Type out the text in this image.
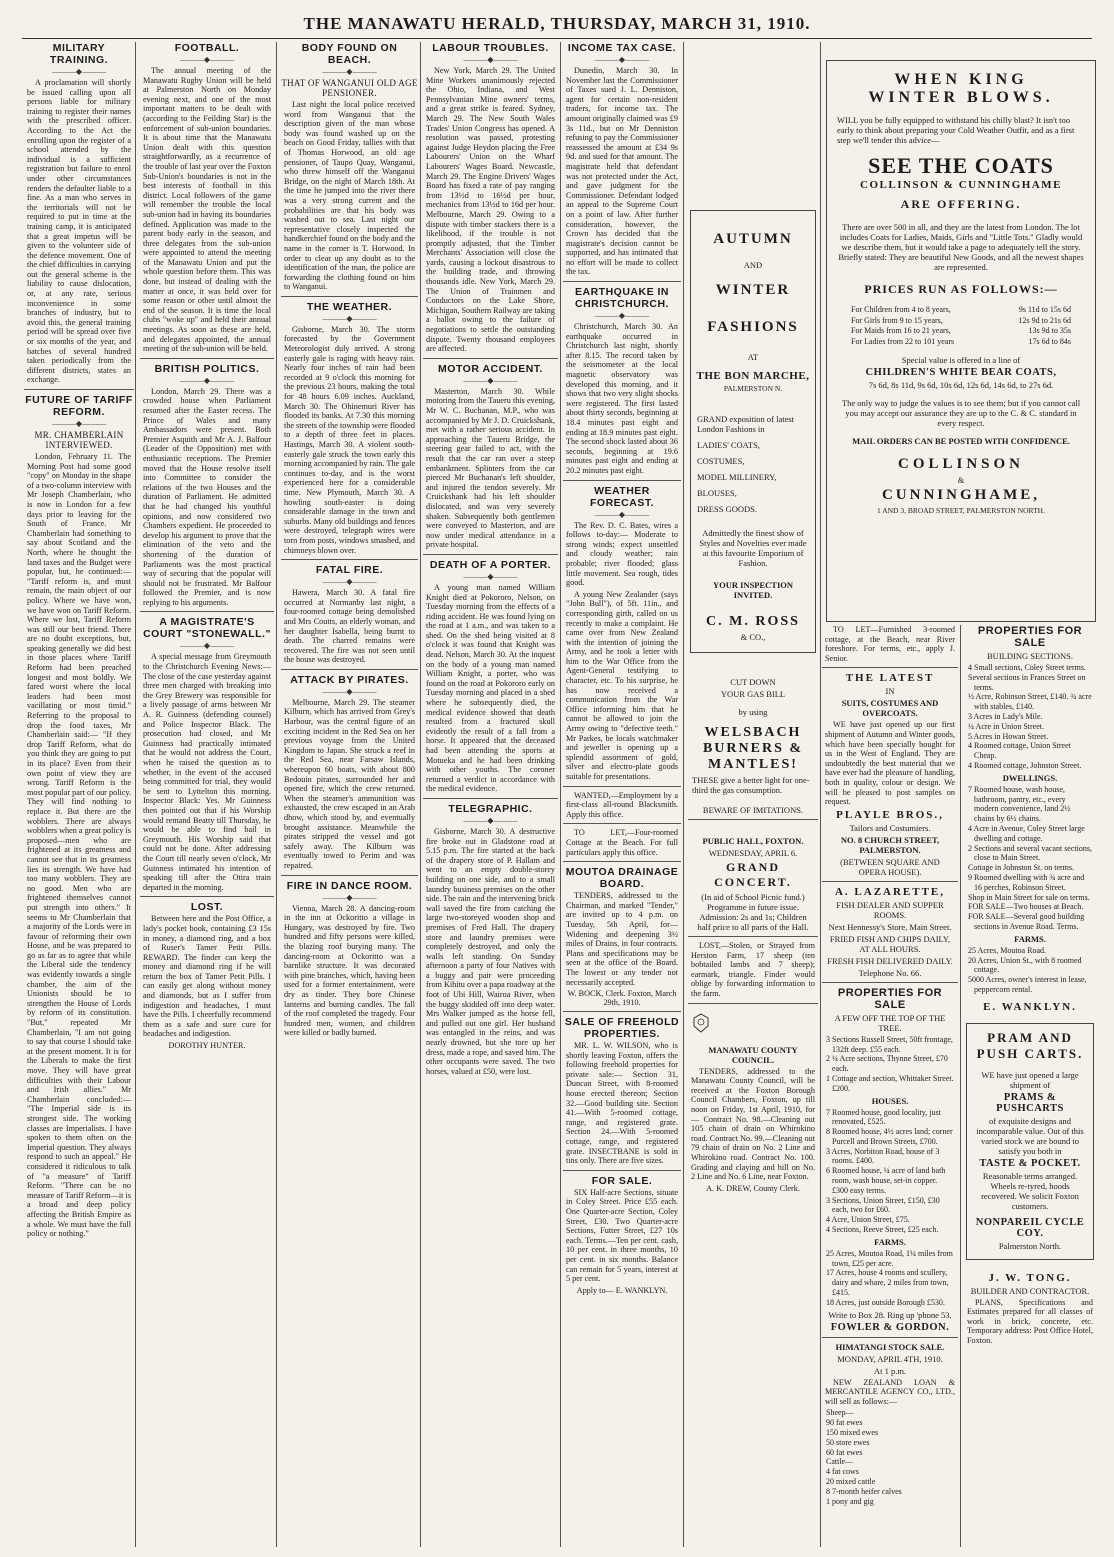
THE MANAWATU HERALD, THURSDAY, MARCH 31, 1910.
MILITARY TRAINING.
———◆———
A proclamation will shortly be issued calling upon all persons liable for military training to register their names with the prescribed officer. According to the Act the enrolling upon the register of a school attended by the individual is a sufficient registration but failure to enrol under other circumstances renders the defaulter liable to a fine. As a man who serves in the territorials will not be required to put in time at the training camp, it is anticipated that a great impetus will be given to the volunteer side of the defence movement. One of the chief difficulties in carrying out the general scheme is the liability to cause dislocation, or, at any rate, serious inconvenience in some branches of industry, but to avoid this, the general training period will be spread over five or six months of the year, and batches of several hundred taken periodically from the different districts, states an exchange.
FUTURE OF TARIFF REFORM.
———◆———
MR. CHAMBERLAIN INTERVIEWED.
London, February 11. The Morning Post had some good "copy" on Monday in the shape of a two-column interview with Mr Joseph Chamberlain, who is now in London for a few days prior to leaving for the South of France. Mr Chamberlain had something to say about Scotland and the North, where he thought the land taxes and the Budget were popular, but, he continued:— "Tariff reform is, and must remain, the main object of our policy. Where we have won, we have won on Tariff Reform. Where we lost, Tariff Reform was still our best friend. There are no doubt exceptions, but, speaking generally we did best in those places where Tariff Reform had been preached longest and most boldly. We fared worst where the local leaders had been most vacillating or most timid." Referring to the proposal to drop the food taxes, Mr Chamberlain said:— "If they drop Tariff Reform, what do you think they are going to put in its place? Even from their own point of view they are wrong. Tariff Reform is the most popular part of our policy. They will find nothing to replace it. But there are the wobblers. There are always wobblers when a great policy is proposed—men who are frightened at its greatness and cannot see that in its greatness lies its strength. We have had too many wobblers. They are no good. Men who are frightened themselves cannot put strength into others." It seems to Mr Chamberlain that a majority of the Lords were in favour of reforming their own House, and he was prepared to go as far as to agree that while the Liberal side the tendency was evidently towards a single chamber, the aim of the Unionists should be to strengthen the House of Lords by reform of its constitution. "But," repeated Mr Chamberlain, "I am not going to say that course I should take at the present moment. It is for the Liberals to make the first move. They will have great difficulties with their Labour and Irish allies." Mr Chamberlain concluded:— "The Imperial side is its strongest side. The working classes are Imperialists. I have spoken to them often on the Imperial question. They always respond to such an appeal." He considered it ridiculous to talk of "a measure" of Tariff Reform. "There can be no measure of Tariff Reform—it is a broad and deep policy affecting the British Empire as a whole. We must have the full policy or nothing."
FOOTBALL.
———◆———
The annual meeting of the Manawatu Rugby Union will be held at Palmerston North on Monday evening next, and one of the most important matters to be dealt with (according to the Feilding Star) is the enforcement of sub-union boundaries. It is about time that the Manawatu Union dealt with this question straightforwardly, as a recurrence of the trouble of last year over the Foxton Sub-Union's boundaries is not in the best interests of football in this district. Local followers of the game will remember the trouble the local sub-union had in having its boundaries defined. Application was made to the parent body early in the season, and three delegates from the sub-union were appointed to attend the meeting of the Manawatu Union and put the whole question before them. This was done, but instead of dealing with the matter at once, it was held over for some reason or other until almost the end of the season. It is time the local clubs "woke up" and held their annual meetings. As soon as these are held, and delegates appointed, the annual meeting of the sub-union will be held.
BRITISH POLITICS.
———◆———
London, March 29. There was a crowded house when Parliament resumed after the Easter recess. The Prince of Wales and many Ambassadors were present. Both Premier Asquith and Mr A. J. Balfour (Leader of the Opposition) met with enthusiastic receptions. The Premier moved that the House resolve itself into Committee to consider the relations of the two Houses and the duration of Parliament. He admitted that he had changed his youthful opinions, and now considered two Chambers expedient. He proceeded to develop his argument to prove that the elimination of the veto and the shortening of the duration of Parliaments was the most practical way of securing that the popular will should not be frustrated. Mr Balfour followed the Premier, and is now replying to his arguments.
A MAGISTRATE'S COURT "STONEWALL."
———◆———
A special message from Greymouth to the Christchurch Evening News:— The close of the case yesterday against three men charged with breaking into the Grey Brewery was responsible for a lively passage of arms between Mr A. R. Guinness (defending counsel) and Police Inspector Black. The prosecution had closed, and Mr Guinness had practically intimated that he would not address the Court, when he raised the question as to whether, in the event of the accused being committed for trial, they would be sent to Lyttelton this morning. Inspector Black: Yes. Mr Guinness then pointed out that if his Worship would remand Beatty till Thursday, he would be able to find bail in Greymouth. His Worship said that could not be done. After addressing the Court till nearly seven o'clock, Mr Guinness intimated his intention of speaking till after the Otira train departed in the morning.
LOST.
Between here and the Post Office, a lady's pocket book, containing £3 15s in money, a diamond ring, and a box of Ruser's Tamer Petit Pills. REWARD. The finder can keep the money and diamond ring if he will return the box of Tamer Petit Pills. I can easily get along without money and diamonds, but as I suffer from indigestion and headaches, I must have the Pills. I cheerfully recommend them as a safe and sure cure for headaches and indigestion.
DOROTHY HUNTER.
BODY FOUND ON BEACH.
———◆———
THAT OF WANGANUI OLD AGE PENSIONER.
Last night the local police received word from Wanganui that the description given of the man whose body was found washed up on the beach on Good Friday, tallies with that of Thomas Horwood, an old age pensioner, of Taupo Quay, Wanganui, who threw himself off the Wanganui Bridge, on the night of March 18th. At the time he jumped into the river there was a very strong current and the probabilities are that his body was washed out to sea. Last night our representative closely inspected the handkerchief found on the body and the name in the corner is T. Horwood. In order to clear up any doubt as to the identification of the man, the police are forwarding the clothing found on him to Wanganui.
THE WEATHER.
———◆———
Gisborne, March 30. The storm forecasted by the Government Meteorologist duly arrived. A strong easterly gale is raging with heavy rain. Nearly four inches of rain had been recorded at 9 o'clock this morning for the previous 23 hours, making the total for 48 hours 6.09 inches. Auckland, March 30. The Ohinemuri River has flooded its banks. At 7.30 this morning the streets of the township were flooded to a depth of three feet in places. Hastings, March 30. A violent south-easterly gale struck the town early this morning accompanied by rain. The gale continues to-day, and is the worst experienced here for a considerable time. New Plymouth, March 30. A howling south-easter is doing considerable damage in the town and suburbs. Many old buildings and fences were destroyed, telegraph wires were torn from posts, windows smashed, and chimneys blown over.
FATAL FIRE.
———◆———
Hawera, March 30. A fatal fire occurred at Normanby last night, a four-roomed cottage being demolished and Mrs Coutts, an elderly woman, and her daughter Isabella, being burnt to death. The charred remains were recovered. The fire was not seen until the house was destroyed.
ATTACK BY PIRATES.
———◆———
Melbourne, March 29. The steamer Kilburn, which has arrived from Grey's Harbour, was the central figure of an exciting incident in the Red Sea on her previous voyage from the United Kingdom to Japan. She struck a reef in the Red Sea, near Farsaw Islands, whereupon 60 boats, with about 800 Bedouin pirates, surrounded her and opened fire, which the crew returned. When the steamer's ammunition was exhausted, the crew escaped in an Arab dhow, which stood by, and eventually brought assistance. Meanwhile the pirates stripped the vessel and got safely away. The Kilburn was eventually towed to Perim and was repaired.
FIRE IN DANCE ROOM.
———◆———
Vienna, March 28. A dancing-room in the inn at Ockoritto a village in Hungary, was destroyed by fire. Two hundred and fifty persons were killed, the blazing roof burying many. The dancing-room at Ockoritto was a barnlike structure. It was decorated with pine branches, which, having been used for a former entertainment, were dry as tinder. They bore Chinese lanterns and burning candles. The fall of the roof completed the tragedy. Four hundred men, women, and children were killed or badly burned.
LABOUR TROUBLES.
———◆———
New York, March 29. The United Mine Workers unanimously rejected the Ohio, Indiana, and West Pennsylvanian Mine owners' terms, and a great strike is feared. Sydney, March 29. The New South Wales Trades' Union Congress has opened. A resolution was passed, protesting against Judge Heydon placing the Free Labourers' Union on the Wharf Labourers' Wages Board. Newcastle, March 29. The Engine Drivers' Wages Board has fixed a rate of pay ranging from 13½d to 16½d per hour, mechanics from 13½d to 16d per hour. Melbourne, March 29. Owing to a dispute with timber stackers there is a likelihood, if the trouble is not promptly adjusted, that the Timber Merchants' Association will close the yards, causing a lockout disastrous to the building trade, and throwing thousands idle. New York, March 29. The Union of Trainmen and Conductors on the Lake Shore, Michigan, Southern Railway are taking a ballot owing to the failure of negotiations to settle the outstanding dispute. Twenty thousand employees are affected.
MOTOR ACCIDENT.
———◆———
Masterton, March 30. While motoring from the Taueru this evening, Mr W. C. Buchanan, M.P., who was accompanied by Mr J. D. Cruickshank, met with a rather serious accident. In approaching the Taueru Bridge, the steering gear failed to act, with the result that the car ran over a steep embankment. Splinters from the car pierced Mr Buchanan's left shoulder, and injured the tendon severely. Mr Cruickshank had his left shoulder dislocated, and was very severely shaken. Subsequently both gentlemen were conveyed to Masterton, and are now under medical attendance in a private hospital.
DEATH OF A PORTER.
———◆———
A young man named William Knight died at Pokororo, Nelson, on Tuesday morning from the effects of a riding accident. He was found lying on the road at 1 a.m., and was taken to a shed. On the shed being visited at 8 o'clock it was found that Knight was dead. Nelson, March 30. At the inquest on the body of a young man named William Knight, a porter, who was found on the road at Pokororo early on Tuesday morning and placed in a shed where he subsequently died, the medical evidence showed that death resulted from a fractured skull evidently the result of a fall from a horse. It appeared that the deceased had been attending the sports at Motueka and he had been drinking with other youths. The coroner returned a verdict in accordance with the medical evidence.
TELEGRAPHIC.
———◆———
Gisborne, March 30. A destructive fire broke out in Gladstone road at 5.15 p.m. The fire started at the back of the drapery store of P. Hallam and went to an empty double-storey building on one side, and to a small laundry business premises on the other side. The rain and the intervening brick wall saved the fire from catching the large two-storeyed wooden shop and premises of Fred Hall. The drapery store and laundry premises were completely destroyed, and only the walls left standing. On Sunday afternoon a party of four Natives with a buggy and pair were proceeding from Kihitu over a papa roadway at the foot of Ubi Hill, Wairoa River, when the buggy skidded off into deep water. Mrs Walker jumped as the horse fell, and pulled out one girl. Her husband was entangled in the reins, and was nearly drowned, but she tore up her dress, made a rope, and saved him. The other occupants were saved. The two horses, valued at £50, were lost.
INCOME TAX CASE.
———◆———
Dunedin, March 30. In November last the Commissioner of Taxes sued J. L. Denniston, agent for certain non-resident traders, for income tax. The amount originally claimed was £9 3s 11d., but on Mr Denniston refusing to pay the Commissioner reassessed the amount at £34 9s 9d. and sued for that amount. The magistrate held that defendant was not protected under the Act, and gave judgment for the Commissioner. Defendant lodged an appeal to the Supreme Court on a point of law. After further consideration, however, the Crown has decided that the magistrate's decision cannot be supported, and has intimated that no effort will be made to collect the tax.
EARTHQUAKE IN CHRISTCHURCH.
———◆———
Christchurch, March 30. An earthquake occurred in Christchurch last night, shortly after 8.15. The record taken by the seismometer at the local magnetic observatory was developed this morning, and it shows that two very slight shocks were registered. The first lasted about thirty seconds, beginning at 18.4 minutes past eight and ending at 18.9 minutes past eight. The second shock lasted about 36 seconds, beginning at 19.6 minutes past eight and ending at 20.2 minutes past eight.
WEATHER FORECAST.
———◆———
The Rev. D. C. Bates, wires a follows to-day:— Moderate to strong winds; expect unsettled and cloudy weather; rain probable; river flooded; glass little movement. Sea rough, tides good.
A young New Zealander (says "John Bull"), of 5ft. 11in., and corresponding girth, called on us recently to make a complaint. He came over from New Zealand with the intention of joining the Army, and he took a letter with him to the War Office from the Agent-General testifying to character, etc. To his surprise, he has now received a communication from the War Office informing him that he cannot be allowed to join the Army owing to "defective teeth." Mr Parkes, be locals watchmaker and jeweller is opening up a splendid assortment of gold, silver and electro-plate goods suitable for presentations.
WANTED,—Employment by a first-class all-round Blacksmith. Apply this office.
TO LET,—Four-roomed Cottage at the Beach. For full particulars apply this office.
MOUTOA DRAINAGE BOARD.
TENDERS, addressed to the Chairman, and marked "Tender," are invited up to 4 p.m. on Tuesday, 5th April, for— Widening and deepening 3½ miles of Drains, in four contracts. Plans and specifications may be seen at the office of the Board. The lowest or any tender not necessarily accepted.
W. BOCK, Clerk. Foxton, March 29th, 1910.
SALE OF FREEHOLD PROPERTIES.
MR. L. W. WILSON, who is shortly leaving Foxton, offers the following freehold properties for private sale:— Section 31, Duncan Street, with 8-roomed house erected thereon; Section 32.—Good building site. Section 41.—With 5-roomed cottage, range, and registered grate. Section 24.—With 5-roomed cottage, range, and registered grate. INSECTBANE is sold in tins only. There are five sizes.
FOR SALE.
SIX Half-acre Sections, situate in Coley Street. Price £55 each. One Quarter-acre Section, Coley Street, £30. Two Quarter-acre Sections, Futter Street, £27 10s each. Terms.—Ten per cent. cash, 10 per cent. in three months, 10 per cent. in six months. Balance can remain for 5 years, interest at 5 per cent.
Apply to— E. WANKLYN.
AUTUMN
AND
WINTER
FASHIONS
AT
THE BON MARCHE,
PALMERSTON N.
GRAND exposition of latest London Fashions in
LADIES' COATS,
COSTUMES,
MODEL MILLINERY,
BLOUSES,
DRESS GOODS.
Admittedly the finest show of Styles and Novelties ever made at this favourite Emporium of Fashion.
YOUR INSPECTION INVITED.
C. M. ROSS
& CO.,
CUT DOWN
YOUR GAS BILL
by using
WELSBACH
BURNERS &
MANTLES!
THESE give a better light for one-third the gas consumption.
BEWARE OF IMITATIONS.
PUBLIC HALL, FOXTON.
WEDNESDAY, APRIL 6.
GRAND CONCERT.
(In aid of School Picnic fund.) Programme in future issue. Admission: 2s and 1s; Children half price to all parts of the Hall.
LOST,—Stolen, or Strayed from Herston Farm, 17 sheep (ten bobtailed lambs and 7 sheep); earmark, triangle. Finder would oblige by forwarding information to the farm.
MANAWATU COUNTY COUNCIL.
TENDERS, addressed to the Manawatu County Council, will be received at the Foxton Borough Council Chambers, Foxton, up till noon on Friday, 1st April, 1910, for— Contract No. 98.—Cleaning out 105 chain of drain on Whirokino road. Contract No. 99.—Cleaning out 79 chain of drain on No. 2 Line and Whirokino road. Contract No. 100. Grading and claying and hill on No. 2 Line and No. 6 Line, near Foxton.
A. K. DREW, County Clerk.
WHEN KING
WINTER BLOWS.
WILL you be fully equipped to withstand his chilly blast? It isn't too early to think about preparing your Cold Weather Outfit, and as a first step we'll tender this advice—
SEE THE COATS
COLLINSON & CUNNINGHAME
ARE OFFERING.
There are over 500 in all, and they are the latest from London. The lot includes Coats for Ladies, Maids, Girls and "Little Tots." Gladly would we describe them, but it would take a page to adequately tell the story. Briefly stated: They are beautiful New Goods, and all the newest shapes are represented.
PRICES RUN AS FOLLOWS:—
For Children from 4 to 8 years,	9s 11d to 15s 6d
For Girls from 9 to 15 years,	12s 9d to 21s 6d
For Maids from 16 to 21 years,	13s 9d to 35s
For Ladies from 22 to 101 years	17s 6d to 84s
Special value is offered in a line of
CHILDREN'S WHITE BEAR COATS,
7s 6d, 8s 11d, 9s 6d, 10s 6d, 12s 6d, 14s 6d, to 27s 6d.
The only way to judge the values is to see them; but if you cannot call you may accept our assurance they are up to the C. & C. standard in every respect.
MAIL ORDERS CAN BE POSTED WITH CONFIDENCE.
COLLINSON
&
CUNNINGHAME,
1 AND 3, BROAD STREET, PALMERSTON NORTH.
TO LET—Furnished 3-roomed cottage, at the Beach, near River foreshore. For terms, etc., apply J. Senior.
THE LATEST
IN
SUITS, COSTUMES AND OVERCOATS.
WE have just opened up our first shipment of Autumn and Winter goods, which have been specially bought for us in the West of England. They are undoubtedly the best material that we have ever had the pleasure of handling, both in quality, colour or design. We will be pleased to post samples on request.
PLAYLE BROS.,
Tailors and Costumiers.
NO. 8 CHURCH STREET, PALMERSTON.
(BETWEEN SQUARE AND OPERA HOUSE).
A. LAZARETTE,
FISH DEALER AND SUPPER ROOMS.
Next Hennessy's Store, Main Street.
FRIED FISH AND CHIPS DAILY, AT ALL HOURS.
FRESH FISH DELIVERED DAILY.
Telephone No. 66.
PROPERTIES FOR SALE
A FEW OFF THE TOP OF THE TREE.
3 Sections Russell Street, 50ft frontage, 132ft deep. £55 each.
2 ¼ Acre sections, Thynne Street, £70 each.
1 Cottage and section, Whittaker Street. £200.
HOUSES.
7 Roomed house, good locality, just renovated, £525.
8 Roomed house, 4½ acres land; corner Purcell and Brown Streets, £700.
3 Acres, Norbiton Road, house of 3 rooms. £400.
6 Roomed house, ¼ acre of land bath room, wash house, set-in copper. £300 easy terms.
3 Sections, Union Street, £150, £30 each, two for £60.
4 Acre, Union Street, £75.
4 Sections, Reeve Street, £25 each.
FARMS.
25 Acres, Moutoa Road, 1¼ miles from town, £25 per acre.
17 Acres, house 4 rooms and scullery, dairy and whare, 2 miles from town, £415.
18 Acres, just outside Borough £530.
Write to Box 28. Ring up 'phone 53.
FOWLER & GORDON.
HIMATANGI STOCK SALE.
MONDAY, APRIL 4TH, 1910.
At 1 p.m.
NEW ZEALAND LOAN & MERCANTILE AGENCY CO., LTD., will sell as follows:—
Sheep—
90 fat ewes
150 mixed ewes
50 store ewes
60 fat ewes
Cattle—
4 fat cows
20 mixed cattle
8 7-month heifer calves
1 pony and gig
PROPERTIES FOR SALE
BUILDING SECTIONS.
4 Small sections, Coley Street terms.
Several sections in Frances Street on terms.
½ Acre, Robinson Street, £140. ¾ acre with stables, £140.
3 Acres in Lady's Mile.
¼ Acre in Union Street.
5 Acres in Howan Street.
4 Roomed cottage, Union Street Cheap.
4 Roomed cottage, Johnston Street.
DWELLINGS.
7 Roomed house, wash house, bathroom, pantry, etc., every modern convenience, land 2½ chains by 6½ chains.
4 Acre in Avenue, Coley Street large dwelling and cottage.
2 Sections and several vacant sections, close to Main Street.
Cottage in Johnston St. on terms.
9 Roomed dwelling with ¾ acre and 16 perches, Robinson Street.
Shop in Main Street for sale on terms.
FOR SALE—Two houses at Beach.
FOR SALE—Several good building sections in Avenue Road. Terms.
FARMS.
25 Acres, Moutoa Road.
20 Acres, Union St., with 8 roomed cottage.
5000 Acres, owner's interest in lease, peppercorn rental.
E. WANKLYN.
PRAM AND
PUSH CARTS.
WE have just opened a large shipment of
PRAMS & PUSHCARTS
of exquisite designs and incomparable value. Out of this varied stock we are bound to satisfy you both in
TASTE & POCKET.
Reasonable terms arranged. Wheels re-tyred, hoods recovered. We solicit Foxton customers.
NONPAREIL CYCLE COY.
Palmerston North.
J. W. TONG.
BUILDER AND CONTRACTOR.
PLANS, Specifications and Estimates prepared for all classes of work in brick, concrete, etc. Temporary address: Post Office Hotel, Foxton.
